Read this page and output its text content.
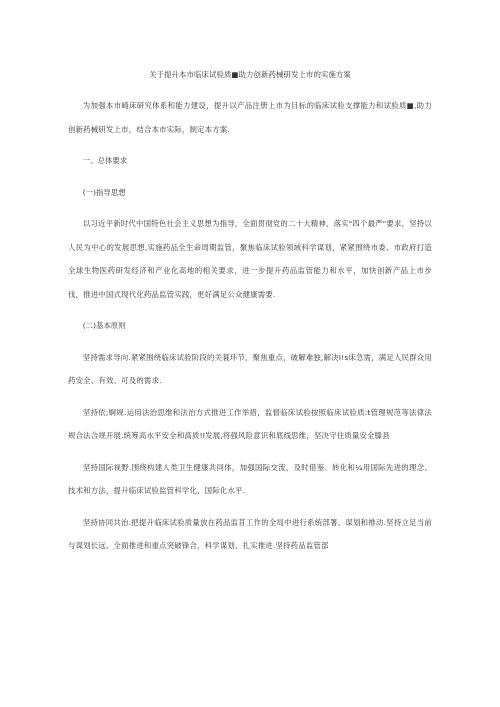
关于提升本市临床试验质■助力创新药械研发上市的实施方案

为加强本市崎床研究体系和能力建设，提升以产品注册上市为目标的临床试验支撑能力和试验质■,助力创新药械研发上市，结合本市实际，制定本方案.

一、总体要求

(一)指导思想

以习近平新时代中国特色社会主义思想为指导，全面贯彻党的二十大精神，落实"四个最严"要求，坚持以人民为中心的发展思想,实施药品全生命周期监管，聚焦临床试验领域科学谋划，紧紧围绕市委、市政府打造全球生物医药研发经济和产业化高地的相关要求，进一步提升药品监管能力和水平，加快创新产品上市步伐，推进中国式现代化药品监管实践，更好满足公众健康需要.

(二)基本原则

坚持需求导向.紧紧围绕临床试验阶段的关蓑环节，聚焦重点，破解难独,解决I!s床急需，满足人民群众用药安全、有效、可及的需求.

坚持依;婀规.运用法治思维和法治方式推进工作举措，监督临床试验按照临床试验质:t管理规范等法律法规合法合规开展.统筹高水平安全和高质!I发展,将强风险意识和底线思维，坚决守住质量安全滕县

坚持国际视野.围绕构建人类卫生健康共同体，加强国际交流，及时借鉴、转化和¼用国际先进的理念、技术和方法，提升临床试验监管科学化、国际化水平.

坚持协同共治.把提升临床试验质量放在药品监苜工作的全局中进行系统部署、谋划和推动.坚持立足当前与谋划长远、全面推进和重点突破锋合，科学谋划、扎实推进.坚持药品监管部
